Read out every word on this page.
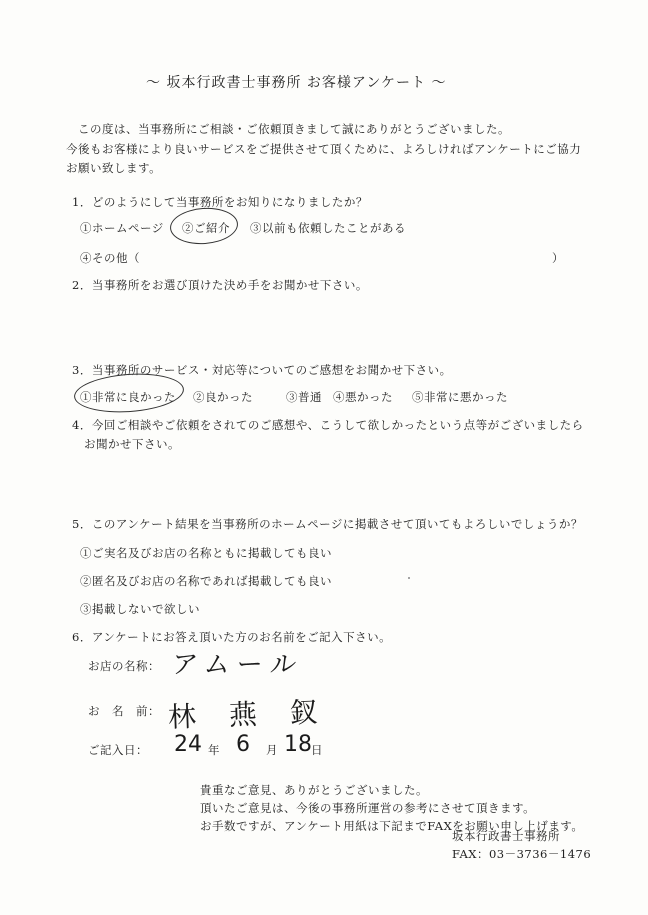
〜 坂本行政書士事務所 お客様アンケート 〜
この度は、当事務所にご相談・ご依頼頂きまして誠にありがとうございました。
今後もお客様により良いサービスをご提供させて頂くために、よろしければアンケートにご協力
お願い致します。
1．どのようにして当事務所をお知りになりましたか？
①ホームページ ②ご紹介 ③以前も依頼したことがある
④その他（	）
2．当事務所をお選び頂けた決め手をお聞かせ下さい。
3．当事務所のサービス・対応等についてのご感想をお聞かせ下さい。
①非常に良かった ②良かった	③普通 ④悪かった ⑤非常に悪かった
4．今回ご相談やご依頼をされてのご感想や、こうして欲しかったという点等がございましたら
お聞かせ下さい。
5．このアンケート結果を当事務所のホームページに掲載させて頂いてもよろしいでしょうか？
①ご実名及びお店の名称ともに掲載しても良い
②匿名及びお店の名称であれば掲載しても良い
③掲載しないで欲しい
6．アンケートにお答え頂いた方のお名前をご記入下さい。
お店の名称： アムール
お　名　前： 林 燕 釵
ご記入日： 24 年 6 月 18 日
貴重なご意見、ありがとうございました。
頂いたご意見は、今後の事務所運営の参考にさせて頂きます。
お手数ですが、アンケート用紙は下記までFAXをお願い申し上げます。
坂本行政書士事務所
FAX：03－3736－1476
